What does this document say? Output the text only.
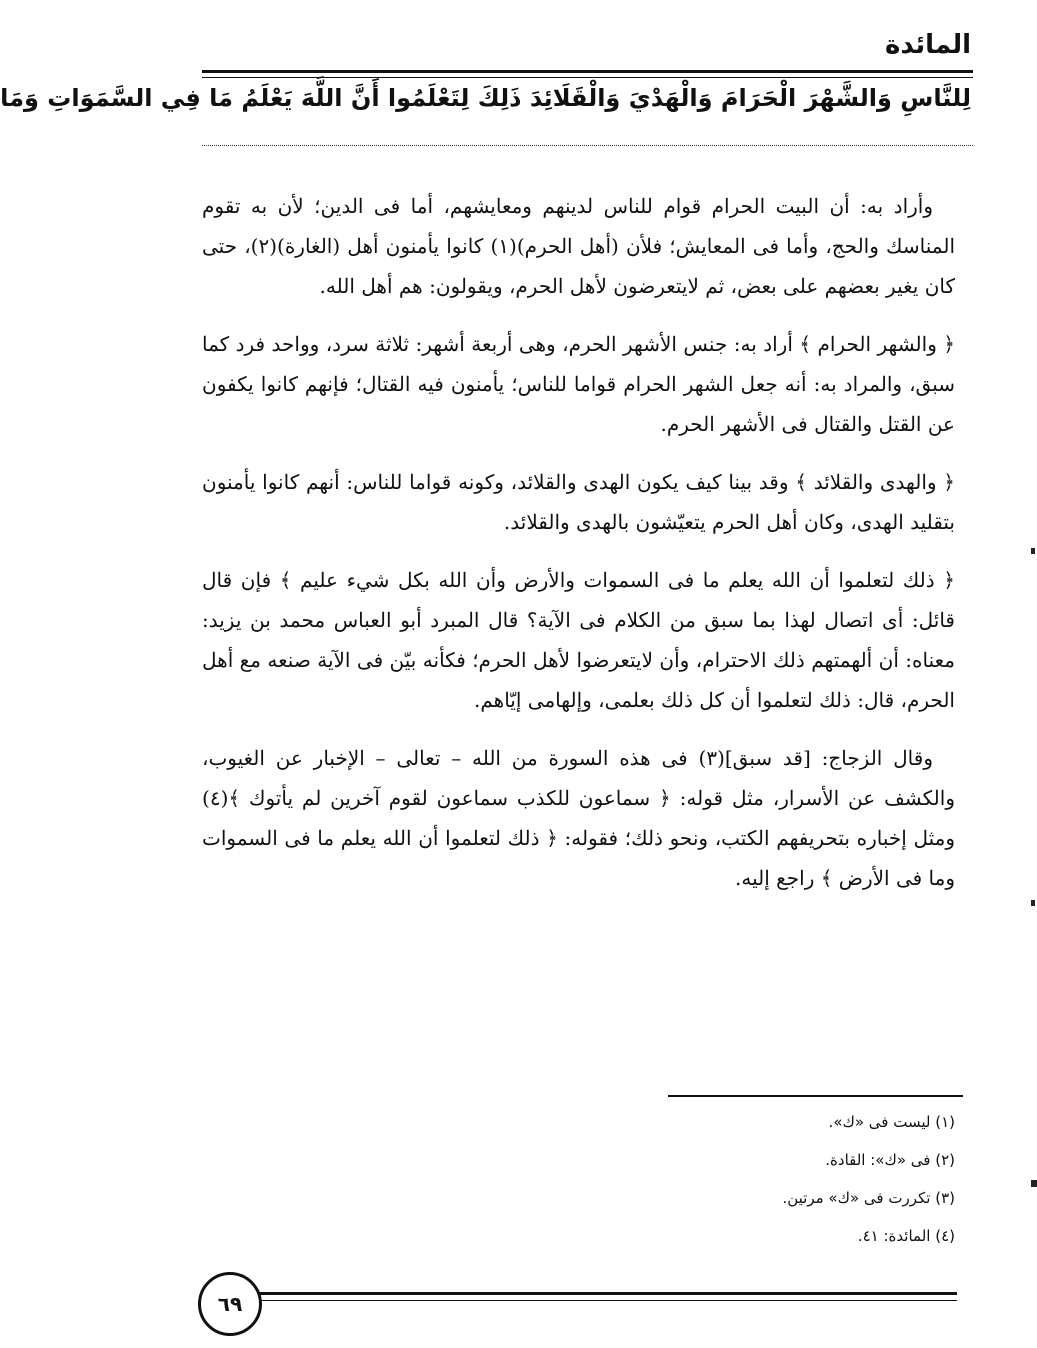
المائدة
لِلنَّاسِ وَالشَّهْرَ الْحَرَامَ وَالْهَدْيَ وَالْقَلَائِدَ ذَلِكَ لِتَعْلَمُوا أَنَّ اللَّهَ يَعْلَمُ مَا فِي السَّمَوَاتِ وَمَا

وأراد به: أن البيت الحرام قوام للناس لدينهم ومعايشهم، أما فى الدين؛ لأن به تقوم المناسك والحج، وأما فى المعايش؛ فلأن (أهل الحرم)(١) كانوا يأمنون أهل (الغارة)(٢)، حتى كان يغير بعضهم على بعض، ثم لايتعرضون لأهل الحرم، ويقولون: هم أهل الله.

﴿ والشهر الحرام ﴾ أراد به: جنس الأشهر الحرم، وهى أربعة أشهر: ثلاثة سرد، وواحد فرد كما سبق، والمراد به: أنه جعل الشهر الحرام قواما للناس؛ يأمنون فيه القتال؛ فإنهم كانوا يكفون عن القتل والقتال فى الأشهر الحرم.

﴿ والهدى والقلائد ﴾ وقد بينا كيف يكون الهدى والقلائد، وكونه قواما للناس: أنهم كانوا يأمنون بتقليد الهدى، وكان أهل الحرم يتعيّشون بالهدى والقلائد.

﴿ ذلك لتعلموا أن الله يعلم ما فى السموات والأرض وأن الله بكل شيء عليم ﴾ فإن قال قائل: أى اتصال لهذا بما سبق من الكلام فى الآية؟ قال المبرد أبو العباس محمد بن يزيد: معناه: أن ألهمتهم ذلك الاحترام، وأن لايتعرضوا لأهل الحرم؛ فكأنه بيّن فى الآية صنعه مع أهل الحرم، قال: ذلك لتعلموا أن كل ذلك بعلمى، وإلهامى إيّاهم.

وقال الزجاج: [قد سبق](٣) فى هذه السورة من الله – تعالى – الإخبار عن الغيوب، والكشف عن الأسرار، مثل قوله: ﴿ سماعون للكذب سماعون لقوم آخرين لم يأتوك ﴾(٤) ومثل إخباره بتحريفهم الكتب، ونحو ذلك؛ فقوله: ﴿ ذلك لتعلموا أن الله يعلم ما فى السموات وما فى الأرض ﴾ راجع إليه.

(١) ليست فى «ك».
(٢) فى «ك»: القادة.
(٣) تكررت فى «ك» مرتين.
(٤) المائدة: ٤١.
٦٩
